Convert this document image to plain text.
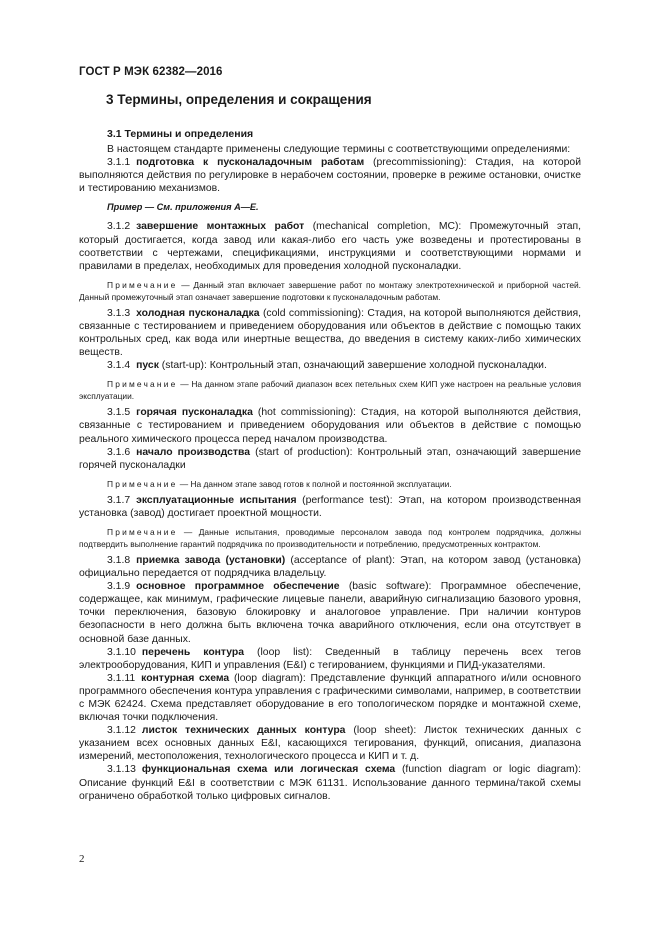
ГОСТ Р МЭК 62382—2016
3 Термины, определения и сокращения
3.1 Термины и определения

В настоящем стандарте применены следующие термины с соответствующими определениями:

3.1.1 подготовка к пусконаладочным работам (precommissioning): Стадия, на которой выполняются действия по регулировке в нерабочем состоянии, проверке в режиме остановки, очистке и тестированию механизмов.

Пример — См. приложения А—Е.

3.1.2 завершение монтажных работ (mechanical completion, MC): Промежуточный этап, который достигается, когда завод или какая-либо его часть уже возведены и протестированы в соответствии с чертежами, спецификациями, инструкциями и соответствующими нормами и правилами в пределах, необходимых для проведения холодной пусконаладки.

Примечание — Данный этап включает завершение работ по монтажу электротехнической и приборной частей. Данный промежуточный этап означает завершение подготовки к пусконаладочным работам.

3.1.3 холодная пусконаладка (cold commissioning): Стадия, на которой выполняются действия, связанные с тестированием и приведением оборудования или объектов в действие с помощью таких контрольных сред, как вода или инертные вещества, до введения в систему каких-либо химических веществ.

3.1.4 пуск (start-up): Контрольный этап, означающий завершение холодной пусконаладки.

Примечание — На данном этапе рабочий диапазон всех петельных схем КИП уже настроен на реальные условия эксплуатации.

3.1.5 горячая пусконаладка (hot commissioning): Стадия, на которой выполняются действия, связанные с тестированием и приведением оборудования или объектов в действие с помощью реального химического процесса перед началом производства.

3.1.6 начало производства (start of production): Контрольный этап, означающий завершение горячей пусконаладки

Примечание — На данном этапе завод готов к полной и постоянной эксплуатации.

3.1.7 эксплуатационные испытания (performance test): Этап, на котором производственная установка (завод) достигает проектной мощности.

Примечание — Данные испытания, проводимые персоналом завода под контролем подрядчика, должны подтвердить выполнение гарантий подрядчика по производительности и потреблению, предусмотренных контрактом.

3.1.8 приемка завода (установки) (acceptance of plant): Этап, на котором завод (установка) официально передается от подрядчика владельцу.

3.1.9 основное программное обеспечение (basic software): Программное обеспечение, содержащее, как минимум, графические лицевые панели, аварийную сигнализацию базового уровня, точки переключения, базовую блокировку и аналоговое управление. При наличии контуров безопасности в него должна быть включена точка аварийного отключения, если она отсутствует в основной базе данных.

3.1.10 перечень контура (loop list): Сведенный в таблицу перечень всех тегов электрооборудования, КИП и управления (E&I) с тегированием, функциями и ПИД-указателями.

3.1.11 контурная схема (loop diagram): Представление функций аппаратного и/или основного программного обеспечения контура управления с графическими символами, например, в соответствии с МЭК 62424. Схема представляет оборудование в его топологическом порядке и монтажной схеме, включая точки подключения.

3.1.12 листок технических данных контура (loop sheet): Листок технических данных с указанием всех основных данных E&I, касающихся тегирования, функций, описания, диапазона измерений, местоположения, технологического процесса и КИП и т. д.

3.1.13 функциональная схема или логическая схема (function diagram or logic diagram): Описание функций E&I в соответствии с МЭК 61131. Использование данного термина/такой схемы ограничено обработкой только цифровых сигналов.

2
